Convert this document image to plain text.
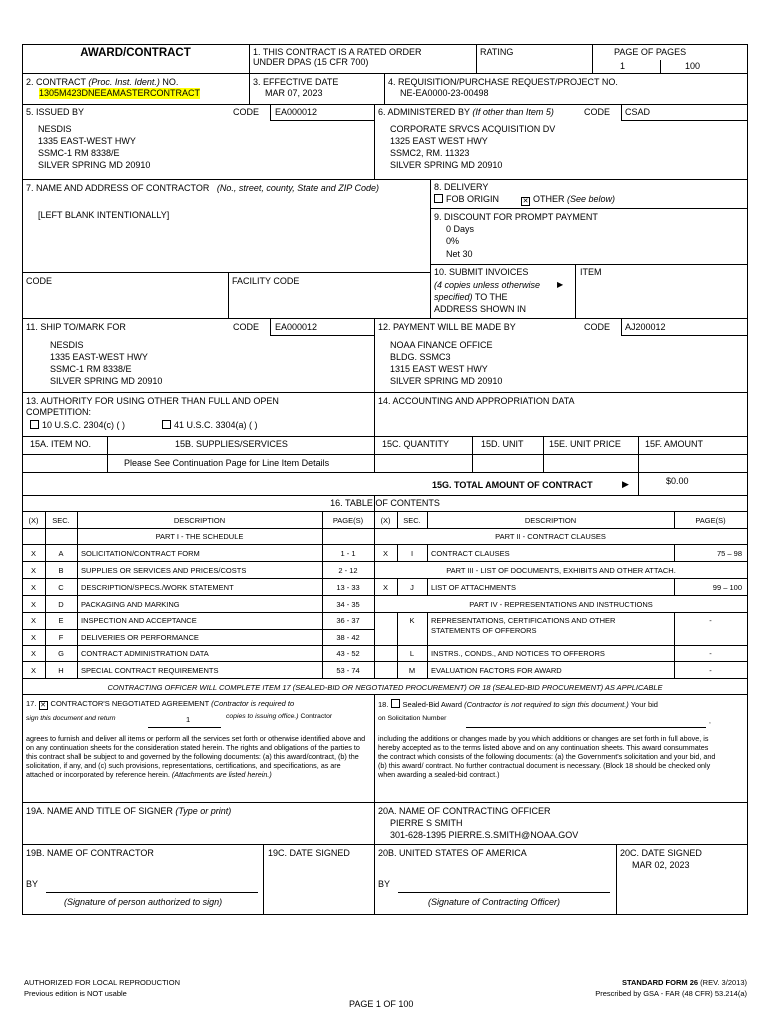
AWARD/CONTRACT	1. THIS CONTRACT IS A RATED ORDER
UNDER DPAS (15 CFR 700)
RATING	PAGE OF PAGES
1	100
2. CONTRACT (Proc. Inst. Ident.) NO.
1305M423DNEEAMASTERCONTRACT
3. EFFECTIVE DATE
MAR 07, 2023
4. REQUISITION/PURCHASE REQUEST/PROJECT NO.
NE-EA0000-23-00498
5. ISSUED BY	CODE EA000012
NESDIS
1335 EAST-WEST HWY
SSMC-1 RM 8338/E
SILVER SPRING MD 20910
6. ADMINISTERED BY (If other than Item 5)	CODE CSAD
CORPORATE SRVCS ACQUISITION DV
1325 EAST WEST HWY
SSMC2, RM. 11323
SILVER SPRING MD 20910
7. NAME AND ADDRESS OF CONTRACTOR (No., street, county, State and ZIP Code)
[LEFT BLANK INTENTIONALLY]
CODE	FACILITY CODE
8. DELIVERY
FOB ORIGIN	✕ OTHER (See below)
9. DISCOUNT FOR PROMPT PAYMENT
0 Days
0%
Net 30
10. SUBMIT INVOICES
(4 copies unless otherwise ▶
specified) TO THE
ADDRESS SHOWN IN
ITEM
11. SHIP TO/MARK FOR	CODE EA000012
NESDIS
1335 EAST-WEST HWY
SSMC-1 RM 8338/E
SILVER SPRING MD 20910
12. PAYMENT WILL BE MADE BY	CODE AJ200012
NOAA FINANCE OFFICE
BLDG. SSMC3
1315 EAST WEST HWY
SILVER SPRING MD 20910
13. AUTHORITY FOR USING OTHER THAN FULL AND OPEN
COMPETITION:
10 U.S.C. 2304(c) ( )	41 U.S.C. 3304(a) ( )
14. ACCOUNTING AND APPROPRIATION DATA
15A. ITEM NO.	15B. SUPPLIES/SERVICES	15C. QUANTITY	15D. UNIT	15E. UNIT PRICE	15F. AMOUNT
Please See Continuation Page for Line Item Details
15G. TOTAL AMOUNT OF CONTRACT	▶	$0.00
16. TABLE OF CONTENTS
(X)	SEC.	DESCRIPTION	PAGE(S)	(X)	SEC.	DESCRIPTION	PAGE(S)
PART I - THE SCHEDULE	PART II - CONTRACT CLAUSES
X	A	SOLICITATION/CONTRACT FORM	1 - 1
X	B	SUPPLIES OR SERVICES AND PRICES/COSTS	2 - 12
X	C	DESCRIPTION/SPECS./WORK STATEMENT	13 - 33
X	D	PACKAGING AND MARKING	34 - 35
X	E	INSPECTION AND ACCEPTANCE	36 - 37
X	F	DELIVERIES OR PERFORMANCE	38 - 42
X	G	CONTRACT ADMINISTRATION DATA	43 - 52
X	H	SPECIAL CONTRACT REQUIREMENTS	53 - 74
X	I	CONTRACT CLAUSES	75 – 98
PART III - LIST OF DOCUMENTS, EXHIBITS AND OTHER ATTACH.
X	J	LIST OF ATTACHMENTS	99 – 100
PART IV - REPRESENTATIONS AND INSTRUCTIONS
K	REPRESENTATIONS, CERTIFICATIONS AND OTHER
STATEMENTS OF OFFERORS
-
L	INSTRS., CONDS., AND NOTICES TO OFFERORS	-
M	EVALUATION FACTORS FOR AWARD	-
CONTRACTING OFFICER WILL COMPLETE ITEM 17 (SEALED-BID OR NEGOTIATED PROCUREMENT) OR 18 (SEALED-BID PROCUREMENT) AS APPLICABLE
17. ✕ CONTRACTOR'S NEGOTIATED AGREEMENT (Contractor is required to
sign this document and return	1	copies to issuing office.) Contractor
agrees to furnish and deliver all items or perform all the services set forth or otherwise identified above and on any continuation sheets for the consideration stated herein. The rights and obligations of the parties to this contract shall be subject to and governed by the following documents: (a) this award/contract, (b) the solicitation, if any, and (c) such provisions, representations, certifications, and specifications, as are attached or incorporated by reference herein. (Attachments are listed herein.)
18. Sealed-Bid Award (Contractor is not required to sign this document.) Your bid
on Solicitation Number	,
including the additions or changes made by you which additions or changes are set forth in full above, is hereby accepted as to the terms listed above and on any continuation sheets. This award consummates the contract which consists of the following documents: (a) the Government's solicitation and your bid, and (b) this award/ contract. No further contractual document is necessary. (Block 18 should be checked only when awarding a sealed-bid contract.)
19A. NAME AND TITLE OF SIGNER (Type or print)	20A. NAME OF CONTRACTING OFFICER
PIERRE S SMITH
301-628-1395 PIERRE.S.SMITH@NOAA.GOV
19B. NAME OF CONTRACTOR	19C. DATE SIGNED	20B. UNITED STATES OF AMERICA	20C. DATE SIGNED
MAR 02, 2023
BY
(Signature of person authorized to sign)
BY
(Signature of Contracting Officer)
AUTHORIZED FOR LOCAL REPRODUCTION
Previous edition is NOT usable
PAGE 1 OF 100
STANDARD FORM 26 (REV. 3/2013)
Prescribed by GSA - FAR (48 CFR) 53.214(a)
